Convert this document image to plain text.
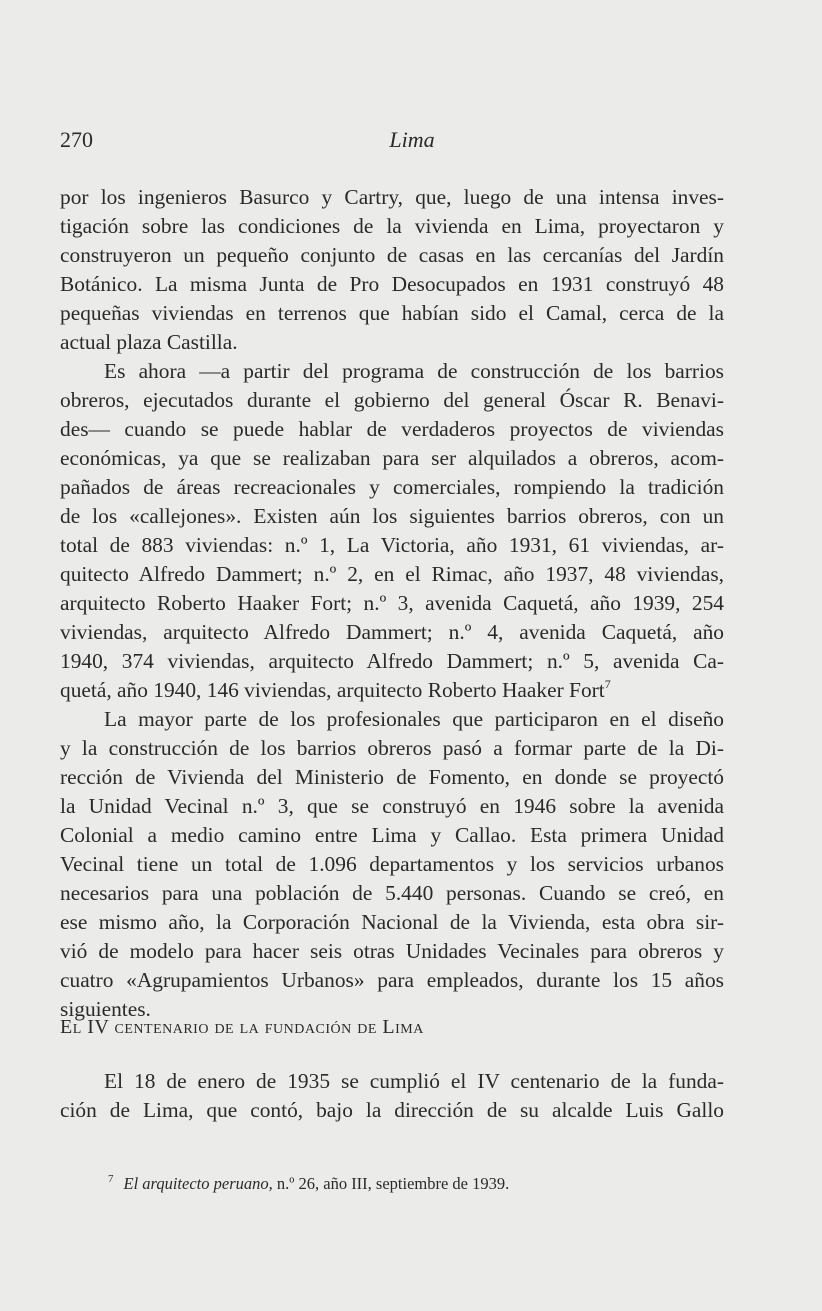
270	Lima
por los ingenieros Basurco y Cartry, que, luego de una intensa inves-
tigación sobre las condiciones de la vivienda en Lima, proyectaron y
construyeron un pequeño conjunto de casas en las cercanías del Jardín
Botánico. La misma Junta de Pro Desocupados en 1931 construyó 48
pequeñas viviendas en terrenos que habían sido el Camal, cerca de la
actual plaza Castilla.
Es ahora —a partir del programa de construcción de los barrios
obreros, ejecutados durante el gobierno del general Óscar R. Benavi-
des— cuando se puede hablar de verdaderos proyectos de viviendas
económicas, ya que se realizaban para ser alquilados a obreros, acom-
pañados de áreas recreacionales y comerciales, rompiendo la tradición
de los «callejones». Existen aún los siguientes barrios obreros, con un
total de 883 viviendas: n.º 1, La Victoria, año 1931, 61 viviendas, ar-
quitecto Alfredo Dammert; n.º 2, en el Rimac, año 1937, 48 viviendas,
arquitecto Roberto Haaker Fort; n.º 3, avenida Caquetá, año 1939, 254
viviendas, arquitecto Alfredo Dammert; n.º 4, avenida Caquetá, año
1940, 374 viviendas, arquitecto Alfredo Dammert; n.º 5, avenida Ca-
quetá, año 1940, 146 viviendas, arquitecto Roberto Haaker Fort$^7$
La mayor parte de los profesionales que participaron en el diseño
y la construcción de los barrios obreros pasó a formar parte de la Di-
rección de Vivienda del Ministerio de Fomento, en donde se proyectó
la Unidad Vecinal n.º 3, que se construyó en 1946 sobre la avenida
Colonial a medio camino entre Lima y Callao. Esta primera Unidad
Vecinal tiene un total de 1.096 departamentos y los servicios urbanos
necesarios para una población de 5.440 personas. Cuando se creó, en
ese mismo año, la Corporación Nacional de la Vivienda, esta obra sir-
vió de modelo para hacer seis otras Unidades Vecinales para obreros y
cuatro «Agrupamientos Urbanos» para empleados, durante los 15 años
siguientes.
El IV centenario de la fundación de Lima
El 18 de enero de 1935 se cumplió el IV centenario de la funda-
ción de Lima, que contó, bajo la dirección de su alcalde Luis Gallo
$^7$ El arquitecto peruano, n.º 26, año III, septiembre de 1939.
